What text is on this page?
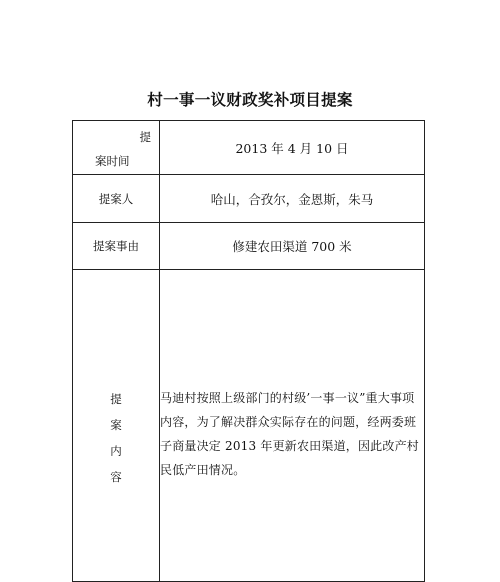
村一事一议财政奖补项目提案
提
案时间	2013 年 4 月 10 日
提案人	哈山，合孜尔，金恩斯，朱马
提案事由	修建农田渠道 700 米

提
案
内
容	马迪村按照上级部门的村级’一事一议”重大事项内容，为了解决群众实际存在的问题，经两委班子商量决定 2013 年更新农田渠道，因此改产村民低产田情况。
